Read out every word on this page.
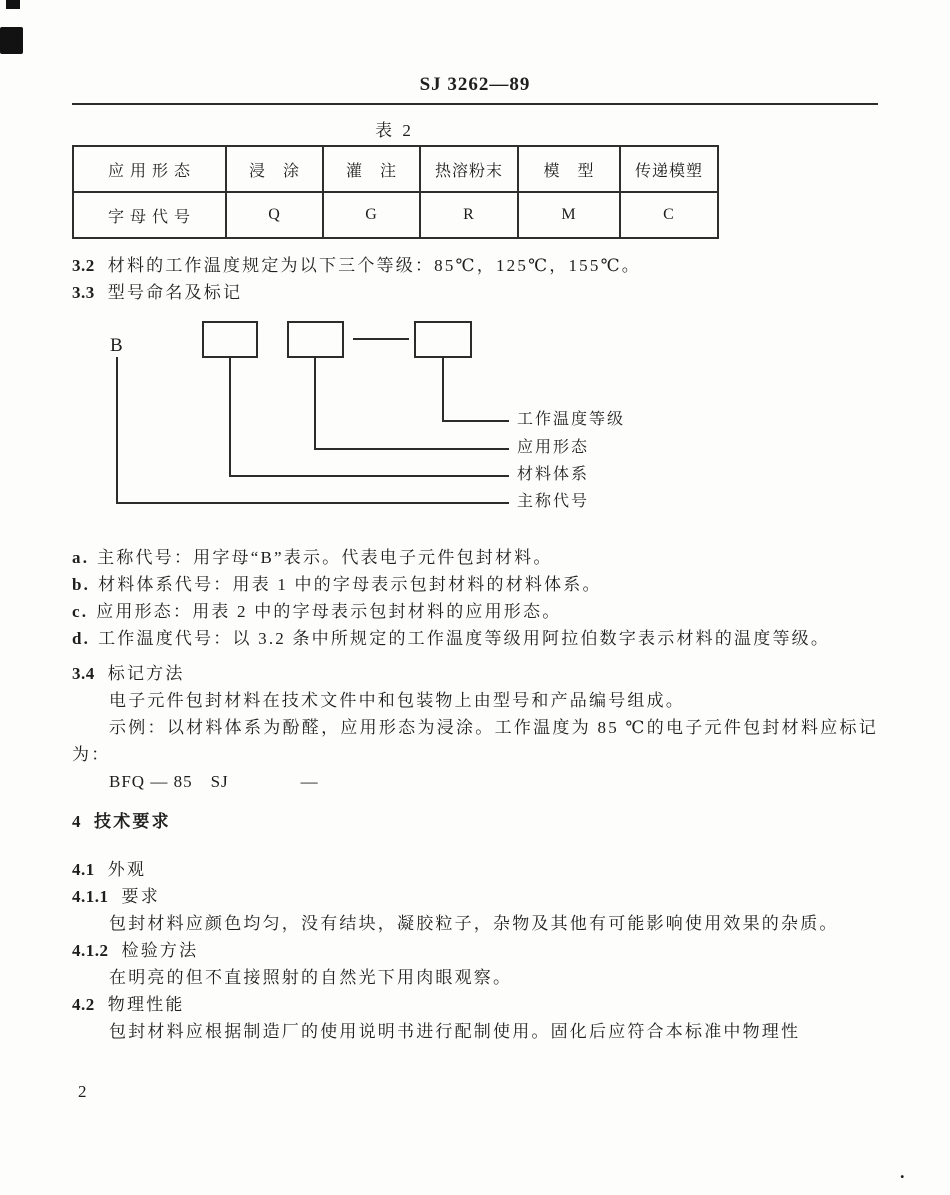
SJ 3262—89
表 2
应 用 形 态	浸　涂	灌　注	热溶粉末	模　型	传递模塑
字 母 代 号	Q	G	R	M	C

3.2 材料的工作温度规定为以下三个等级：85℃，125℃，155℃。

3.3 型号命名及标记

B
工作温度等级
应用形态
材料体系
主称代号

a. 主称代号：用字母“B”表示。代表电子元件包封材料。

b. 材料体系代号：用表 1 中的字母表示包封材料的材料体系。

c. 应用形态：用表 2 中的字母表示包封材料的应用形态。

d. 工作温度代号：以 3.2 条中所规定的工作温度等级用阿拉伯数字表示材料的温度等级。

3.4 标记方法

电子元件包封材料在技术文件中和包装物上由型号和产品编号组成。

示例：以材料体系为酚醛，应用形态为浸涂。工作温度为 85 ℃的电子元件包封材料应标记为：

BFQ — 85　SJ　　　　—

4 技术要求

4.1 外观

4.1.1 要求

包封材料应颜色均匀，没有结块，凝胶粒子，杂物及其他有可能影响使用效果的杂质。

4.1.2 检验方法

在明亮的但不直接照射的自然光下用肉眼观察。

4.2 物理性能

包封材料应根据制造厂的使用说明书进行配制使用。固化后应符合本标准中物理性

2
.
